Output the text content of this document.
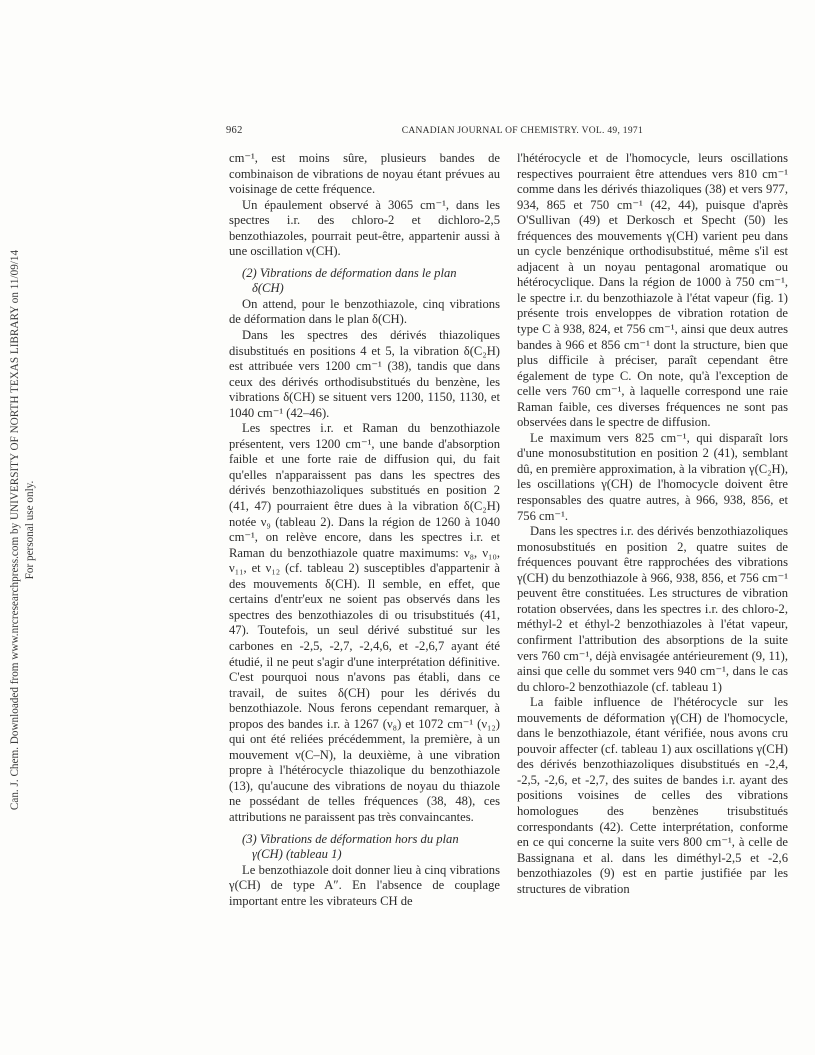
Can. J. Chem. Downloaded from www.nrcresearchpress.com by UNIVERSITY OF NORTH TEXAS LIBRARY on 11/09/14 For personal use only.
962	CANADIAN JOURNAL OF CHEMISTRY. VOL. 49, 1971

cm⁻¹, est moins sûre, plusieurs bandes de combinaison de vibrations de noyau étant prévues au voisinage de cette fréquence.

Un épaulement observé à 3065 cm⁻¹, dans les spectres i.r. des chloro-2 et dichloro-2,5 benzothiazoles, pourrait peut-être, appartenir aussi à une oscillation ν(CH).

(2) Vibrations de déformation dans le plan
δ(CH)

On attend, pour le benzothiazole, cinq vibrations de déformation dans le plan δ(CH).

Dans les spectres des dérivés thiazoliques disubstitués en positions 4 et 5, la vibration δ(C₂H) est attribuée vers 1200 cm⁻¹ (38), tandis que dans ceux des dérivés orthodisubstitués du benzène, les vibrations δ(CH) se situent vers 1200, 1150, 1130, et 1040 cm⁻¹ (42–46).

Les spectres i.r. et Raman du benzothiazole présentent, vers 1200 cm⁻¹, une bande d'absorption faible et une forte raie de diffusion qui, du fait qu'elles n'apparaissent pas dans les spectres des dérivés benzothiazoliques substitués en position 2 (41, 47) pourraient être dues à la vibration δ(C₂H) notée ν₉ (tableau 2). Dans la région de 1260 à 1040 cm⁻¹, on relève encore, dans les spectres i.r. et Raman du benzothiazole quatre maximums: ν₈, ν₁₀, ν₁₁, et ν₁₂ (cf. tableau 2) susceptibles d'appartenir à des mouvements δ(CH). Il semble, en effet, que certains d'entr'eux ne soient pas observés dans les spectres des benzothiazoles di ou trisubstitués (41, 47). Toutefois, un seul dérivé substitué sur les carbones en -2,5, -2,7, -2,4,6, et -2,6,7 ayant été étudié, il ne peut s'agir d'une interprétation définitive. C'est pourquoi nous n'avons pas établi, dans ce travail, de suites δ(CH) pour les dérivés du benzothiazole. Nous ferons cependant remarquer, à propos des bandes i.r. à 1267 (ν₈) et 1072 cm⁻¹ (ν₁₂) qui ont été reliées précédemment, la première, à un mouvement ν(C–N), la deuxième, à une vibration propre à l'hétérocycle thiazolique du benzothiazole (13), qu'aucune des vibrations de noyau du thiazole ne possédant de telles fréquences (38, 48), ces attributions ne paraissent pas très convaincantes.

(3) Vibrations de déformation hors du plan
γ(CH) (tableau 1)

Le benzothiazole doit donner lieu à cinq vibrations γ(CH) de type A″. En l'absence de couplage important entre les vibrateurs CH de

l'hétérocycle et de l'homocycle, leurs oscillations respectives pourraient être attendues vers 810 cm⁻¹ comme dans les dérivés thiazoliques (38) et vers 977, 934, 865 et 750 cm⁻¹ (42, 44), puisque d'après O'Sullivan (49) et Derkosch et Specht (50) les fréquences des mouvements γ(CH) varient peu dans un cycle benzénique orthodisubstitué, même s'il est adjacent à un noyau pentagonal aromatique ou hétérocyclique. Dans la région de 1000 à 750 cm⁻¹, le spectre i.r. du benzothiazole à l'état vapeur (fig. 1) présente trois enveloppes de vibration rotation de type C à 938, 824, et 756 cm⁻¹, ainsi que deux autres bandes à 966 et 856 cm⁻¹ dont la structure, bien que plus difficile à préciser, paraît cependant être également de type C. On note, qu'à l'exception de celle vers 760 cm⁻¹, à laquelle correspond une raie Raman faible, ces diverses fréquences ne sont pas observées dans le spectre de diffusion.

Le maximum vers 825 cm⁻¹, qui disparaît lors d'une monosubstitution en position 2 (41), semblant dû, en première approximation, à la vibration γ(C₂H), les oscillations γ(CH) de l'homocycle doivent être responsables des quatre autres, à 966, 938, 856, et 756 cm⁻¹.

Dans les spectres i.r. des dérivés benzothiazoliques monosubstitués en position 2, quatre suites de fréquences pouvant être rapprochées des vibrations γ(CH) du benzothiazole à 966, 938, 856, et 756 cm⁻¹ peuvent être constituées. Les structures de vibration rotation observées, dans les spectres i.r. des chloro-2, méthyl-2 et éthyl-2 benzothiazoles à l'état vapeur, confirment l'attribution des absorptions de la suite vers 760 cm⁻¹, déjà envisagée antérieurement (9, 11), ainsi que celle du sommet vers 940 cm⁻¹, dans le cas du chloro-2 benzothiazole (cf. tableau 1)

La faible influence de l'hétérocycle sur les mouvements de déformation γ(CH) de l'homocycle, dans le benzothiazole, étant vérifiée, nous avons cru pouvoir affecter (cf. tableau 1) aux oscillations γ(CH) des dérivés benzothiazoliques disubstitués en -2,4, -2,5, -2,6, et -2,7, des suites de bandes i.r. ayant des positions voisines de celles des vibrations homologues des benzènes trisubstitués correspondants (42). Cette interprétation, conforme en ce qui concerne la suite vers 800 cm⁻¹, à celle de Bassignana et al. dans les diméthyl-2,5 et -2,6 benzothiazoles (9) est en partie justifiée par les structures de vibration
